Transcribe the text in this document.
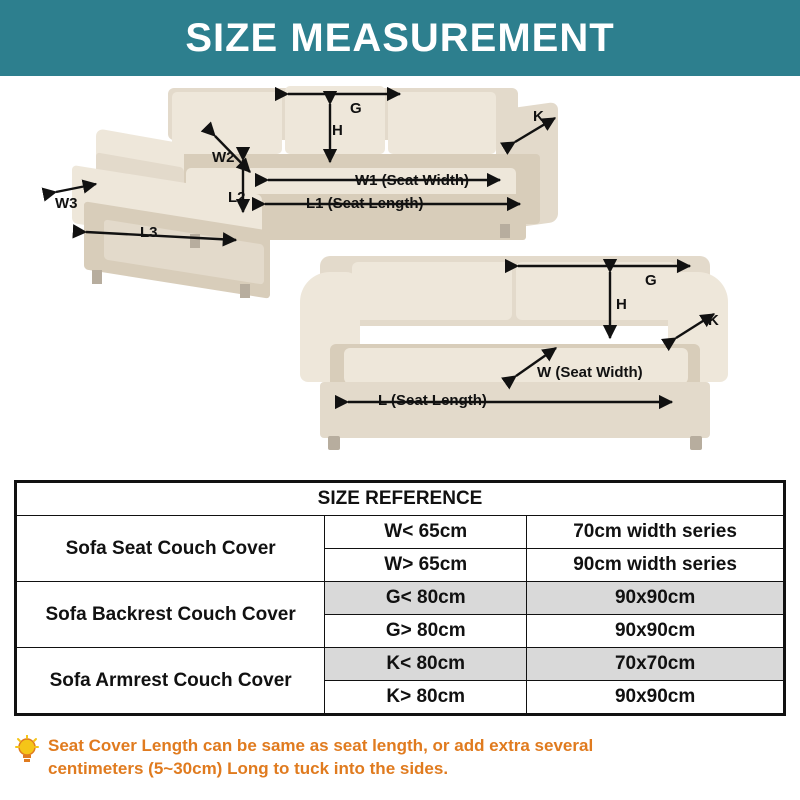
SIZE MEASUREMENT
G
H
K
W1 (Seat Width)
W2
W3	L1 (Seat Length)
L2
L3
G
H
K
W (Seat Width)
L (Seat Length)
SIZE REFERENCE		
Sofa Seat Couch Cover	W< 65cm	70cm width series
	W> 65cm	90cm width series
Sofa Backrest Couch Cover	G< 80cm	90x90cm
	G> 80cm	90x90cm
Sofa Armrest Couch Cover	K< 80cm	70x70cm
	K> 80cm	90x90cm
Seat Cover Length can be same as seat length, or add extra several
centimeters (5~30cm) Long to tuck into the sides.
